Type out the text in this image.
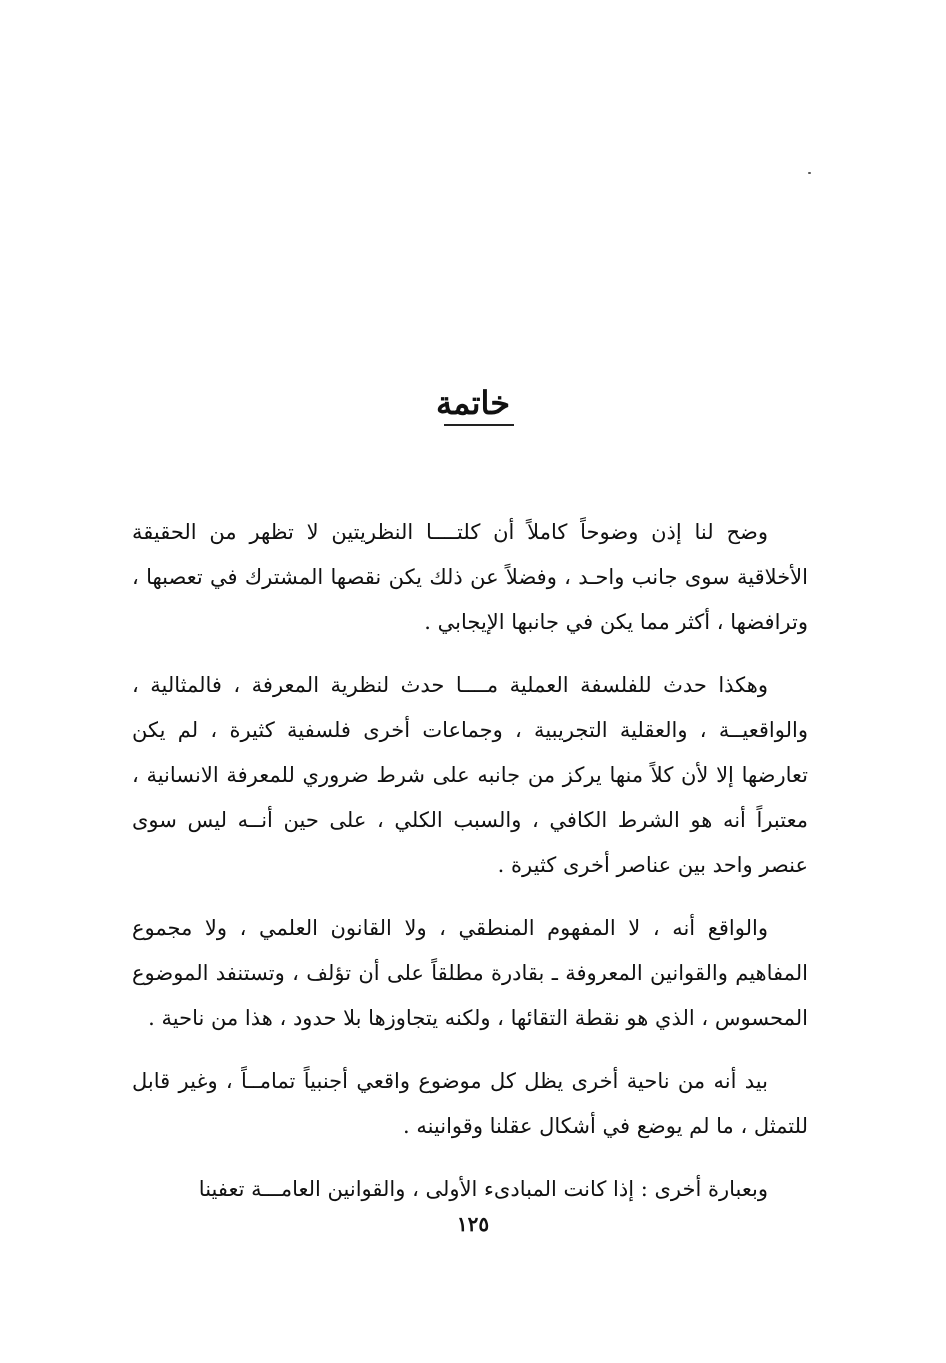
خاتمة

وضح لنا إذن وضوحاً كاملاً أن كلتــــا النظريتين لا تظهر من الحقيقة الأخلاقية سوى جانب واحـد ، وفضلاً عن ذلك يكن نقصها المشترك في تعصبها ، وترافضها ، أكثر مما يكن في جانبها الإيجابي .

وهكذا حدث للفلسفة العملية مــــا حدث لنظرية المعرفة ، فالمثالية ، والواقعيــة ، والعقلية التجريبية ، وجماعات أخرى فلسفية كثيرة ، لم يكن تعارضها إلا لأن كلاً منها يركز من جانبه على شرط ضروري للمعرفة الانسانية ، معتبراً أنه هو الشرط الكافي ، والسبب الكلي ، على حين أنــه ليس سوى عنصر واحد بين عناصر أخرى كثيرة .

والواقع أنه ، لا المفهوم المنطقي ، ولا القانون العلمي ، ولا مجموع المفاهيم والقوانين المعروفة ـ بقادرة مطلقاً على أن تؤلف ، وتستنفد الموضوع المحسوس ، الذي هو نقطة التقائها ، ولكنه يتجاوزها بلا حدود ، هذا من ناحية .

بيد أنه من ناحية أخرى يظل كل موضوع واقعي أجنبياً تمامــاً ، وغير قابل للتمثل ، ما لم يوضع في أشكال عقلنا وقوانينه .

وبعبارة أخرى : إذا كانت المبادىء الأولى ، والقوانين العامـــة تعفينا

١٢٥
